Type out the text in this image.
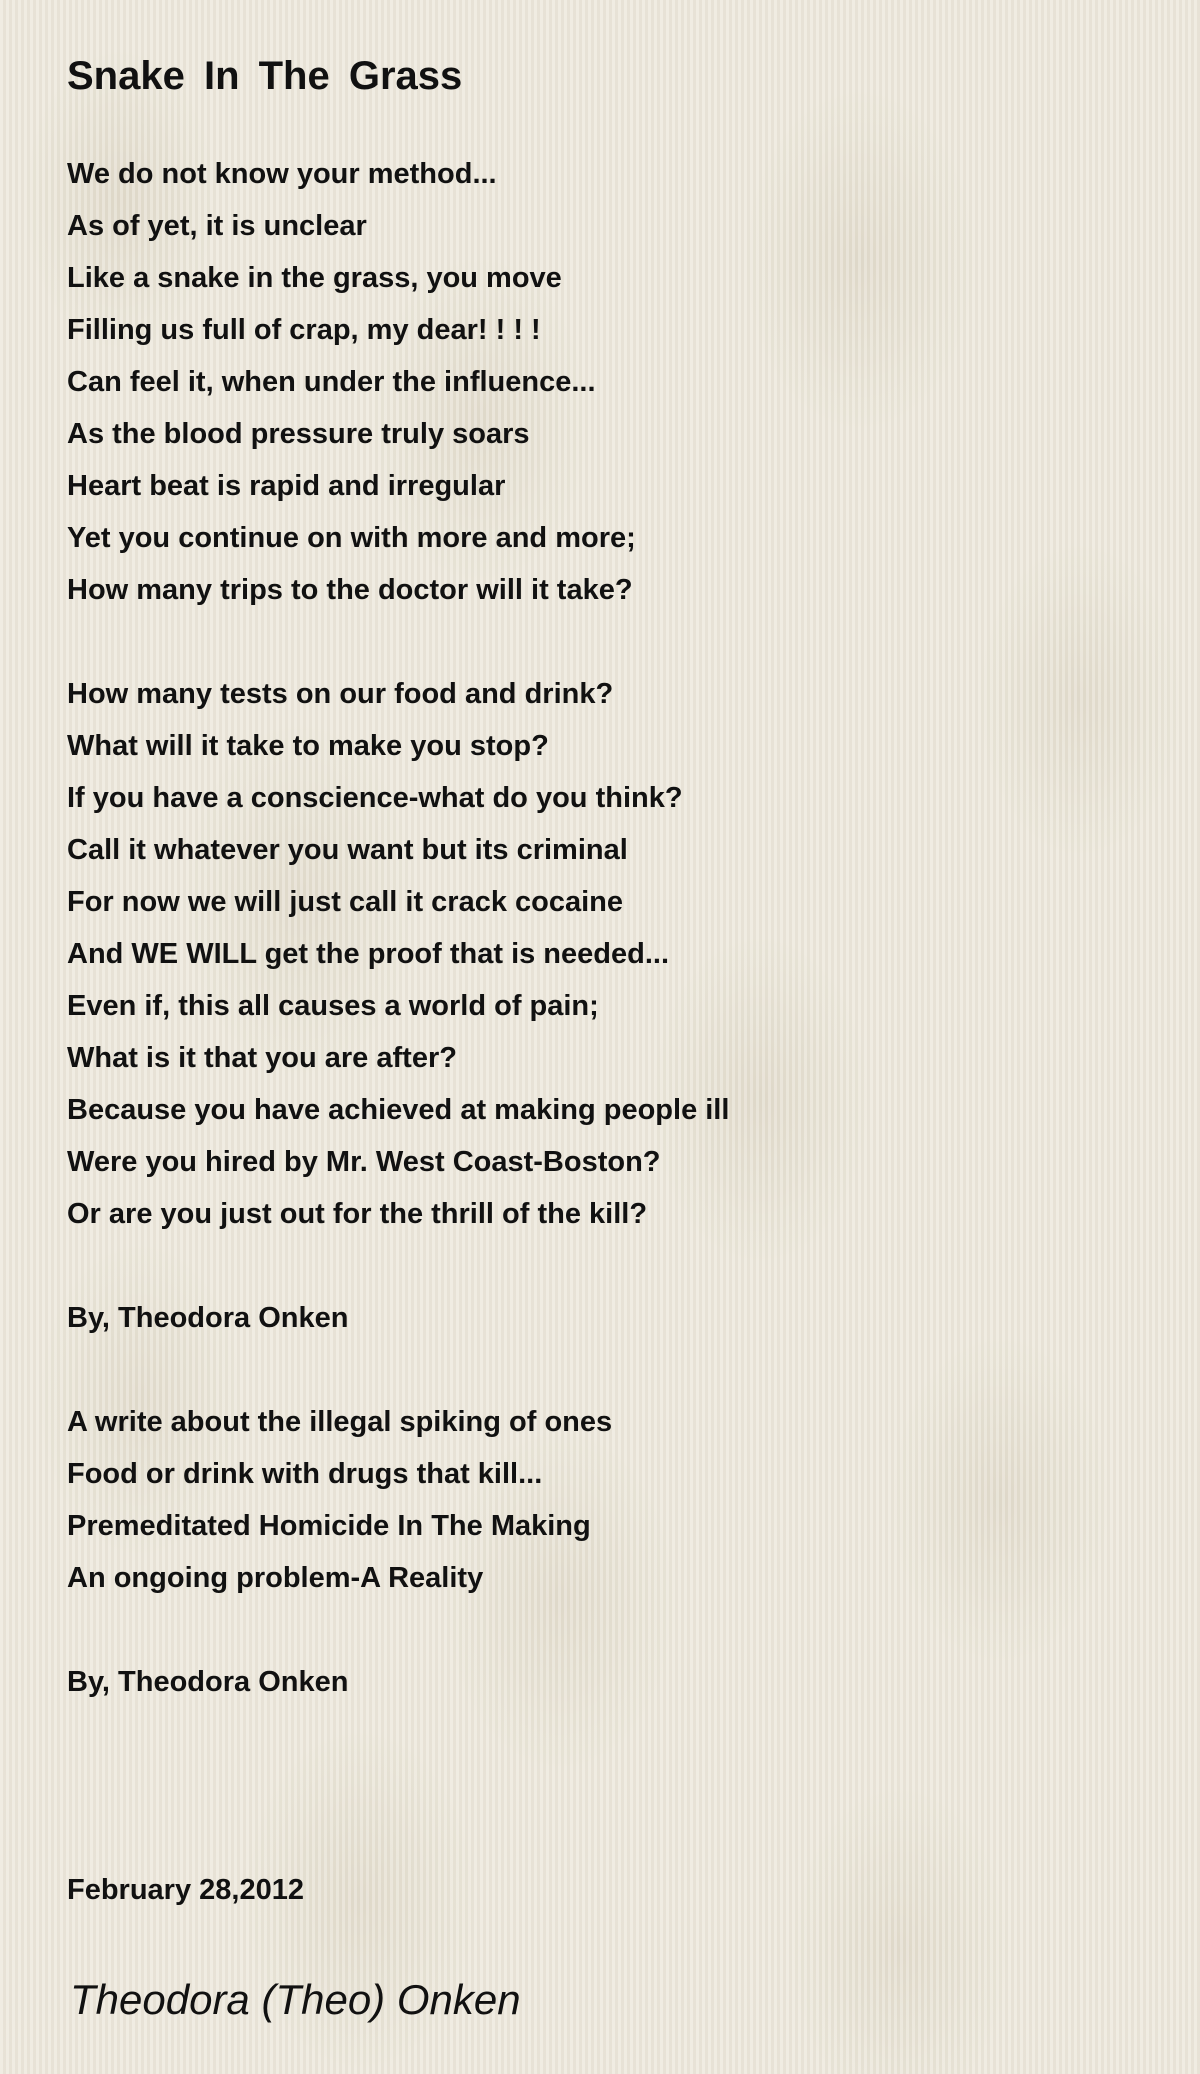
Snake In The Grass
We do not know your method...
As of yet, it is unclear
Like a snake in the grass, you move
Filling us full of crap, my dear! ! ! !
Can feel it, when under the influence...
As the blood pressure truly soars
Heart beat is rapid and irregular
Yet you continue on with more and more;
How many trips to the doctor will it take?
How many tests on our food and drink?
What will it take to make you stop?
If you have a conscience-what do you think?
Call it whatever you want but its criminal
For now we will just call it crack cocaine
And WE WILL get the proof that is needed...
Even if, this all causes a world of pain;
What is it that you are after?
Because you have achieved at making people ill
Were you hired by Mr. West Coast-Boston?
Or are you just out for the thrill of the kill?
By, Theodora Onken
A write about the illegal spiking of ones
Food or drink with drugs that kill...
Premeditated Homicide In The Making
An ongoing problem-A Reality
By, Theodora Onken
February 28,2012
Theodora (Theo) Onken
